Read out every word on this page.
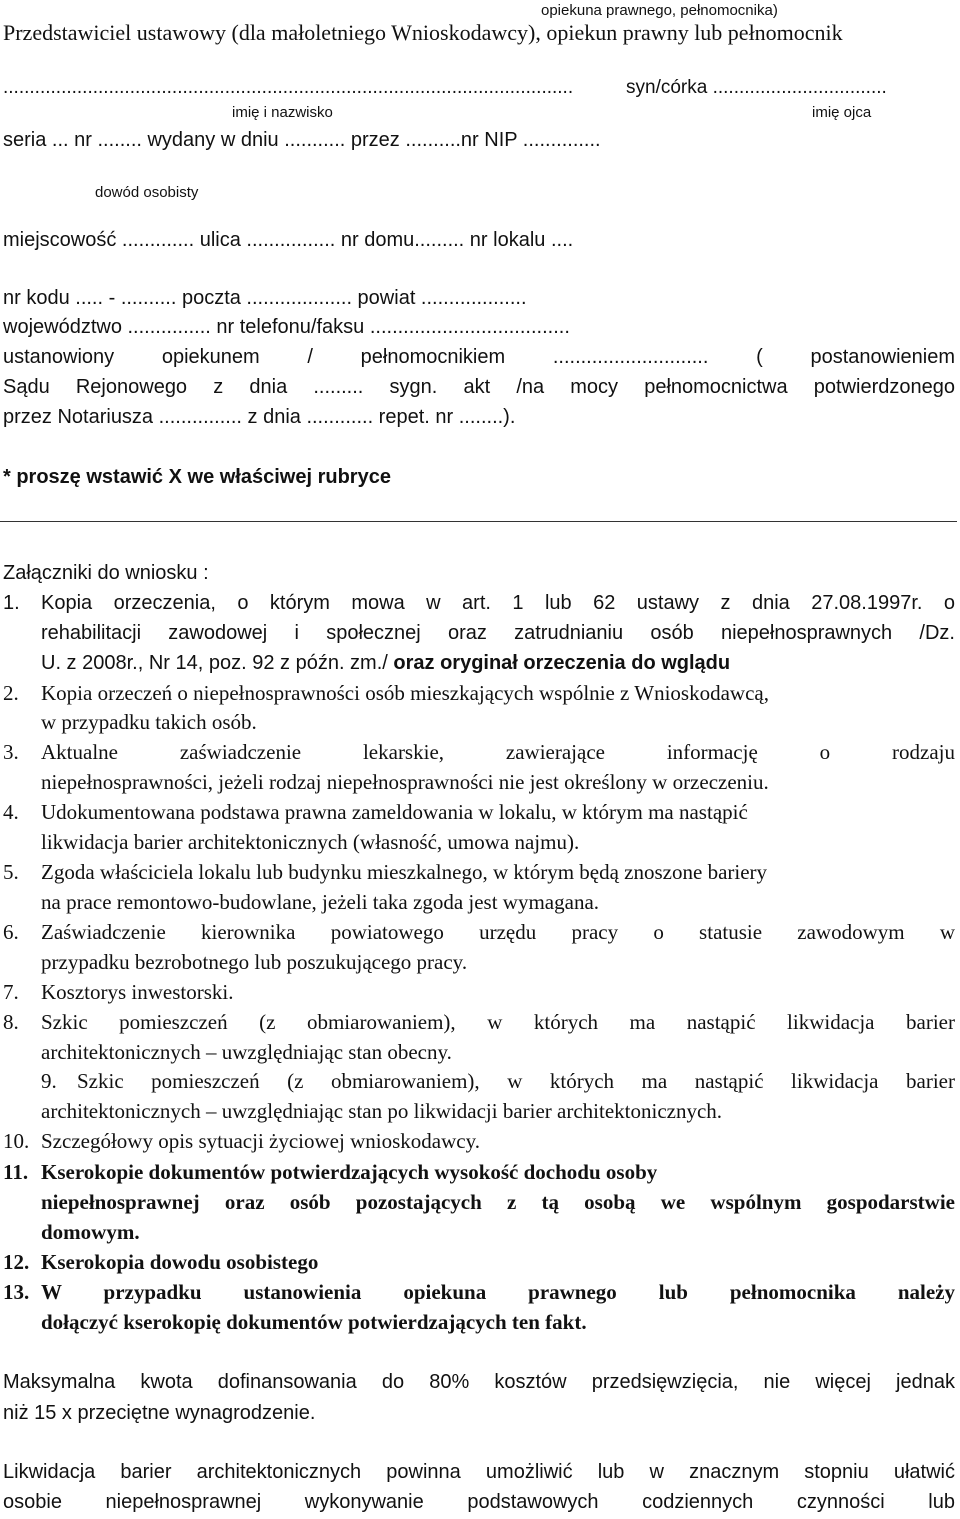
opiekuna prawnego, pełnomocnika)
Przedstawiciel ustawowy (dla małoletniego Wnioskodawcy), opiekun prawny lub pełnomocnik
............................................................................................................	syn/córka .................................
imię i nazwisko	imię ojca
seria ... nr ........ wydany w dniu ........... przez ..........nr NIP ..............
dowód osobisty
miejscowość ............. ulica ................ nr domu......... nr lokalu ....
nr kodu ..... - .......... poczta ................... powiat ...................
województwo ............... nr telefonu/faksu ....................................
ustanowiony opiekunem / pełnomocnikiem ............................ ( postanowieniem
Sądu Rejonowego z dnia ......... sygn. akt /na mocy pełnomocnictwa potwierdzonego
przez Notariusza ............... z dnia ............ repet. nr ........).
* proszę wstawić X we właściwej rubryce
Załączniki do wniosku :
1. Kopia orzeczenia, o którym mowa w art. 1 lub 62 ustawy z dnia 27.08.1997r. o
rehabilitacji zawodowej i społecznej oraz zatrudnianiu osób niepełnosprawnych /Dz.
U. z 2008r., Nr 14, poz. 92 z późn. zm./ oraz oryginał orzeczenia do wglądu
2. Kopia orzeczeń o niepełnosprawności osób mieszkających wspólnie z Wnioskodawcą,
w przypadku takich osób.
3. Aktualne zaświadczenie lekarskie, zawierające informację o rodzaju
niepełnosprawności, jeżeli rodzaj niepełnosprawności nie jest określony w orzeczeniu.
4. Udokumentowana podstawa prawna zameldowania w lokalu, w którym ma nastąpić
likwidacja barier architektonicznych (własność, umowa najmu).
5. Zgoda właściciela lokalu lub budynku mieszkalnego, w którym będą znoszone bariery
na prace remontowo-budowlane, jeżeli taka zgoda jest wymagana.
6. Zaświadczenie kierownika powiatowego urzędu pracy o statusie zawodowym w
przypadku bezrobotnego lub poszukującego pracy.
7. Kosztorys inwestorski.
8. Szkic pomieszczeń (z obmiarowaniem), w których ma nastąpić likwidacja barier
architektonicznych – uwzględniając stan obecny.
9. Szkic pomieszczeń (z obmiarowaniem), w których ma nastąpić likwidacja barier
architektonicznych – uwzględniając stan po likwidacji barier architektonicznych.
10. Szczegółowy opis sytuacji życiowej wnioskodawcy.
11. Kserokopie dokumentów potwierdzających wysokość dochodu osoby
niepełnosprawnej oraz osób pozostających z tą osobą we wspólnym gospodarstwie
domowym.
12. Kserokopia dowodu osobistego
13. W przypadku ustanowienia opiekuna prawnego lub pełnomocnika należy
dołączyć kserokopię dokumentów potwierdzających ten fakt.
Maksymalna kwota dofinansowania do 80% kosztów przedsięwzięcia, nie więcej jednak
niż 15 x przeciętne wynagrodzenie.
Likwidacja barier architektonicznych powinna umożliwić lub w znacznym stopniu ułatwić
osobie niepełnosprawnej wykonywanie podstawowych codziennych czynności lub
